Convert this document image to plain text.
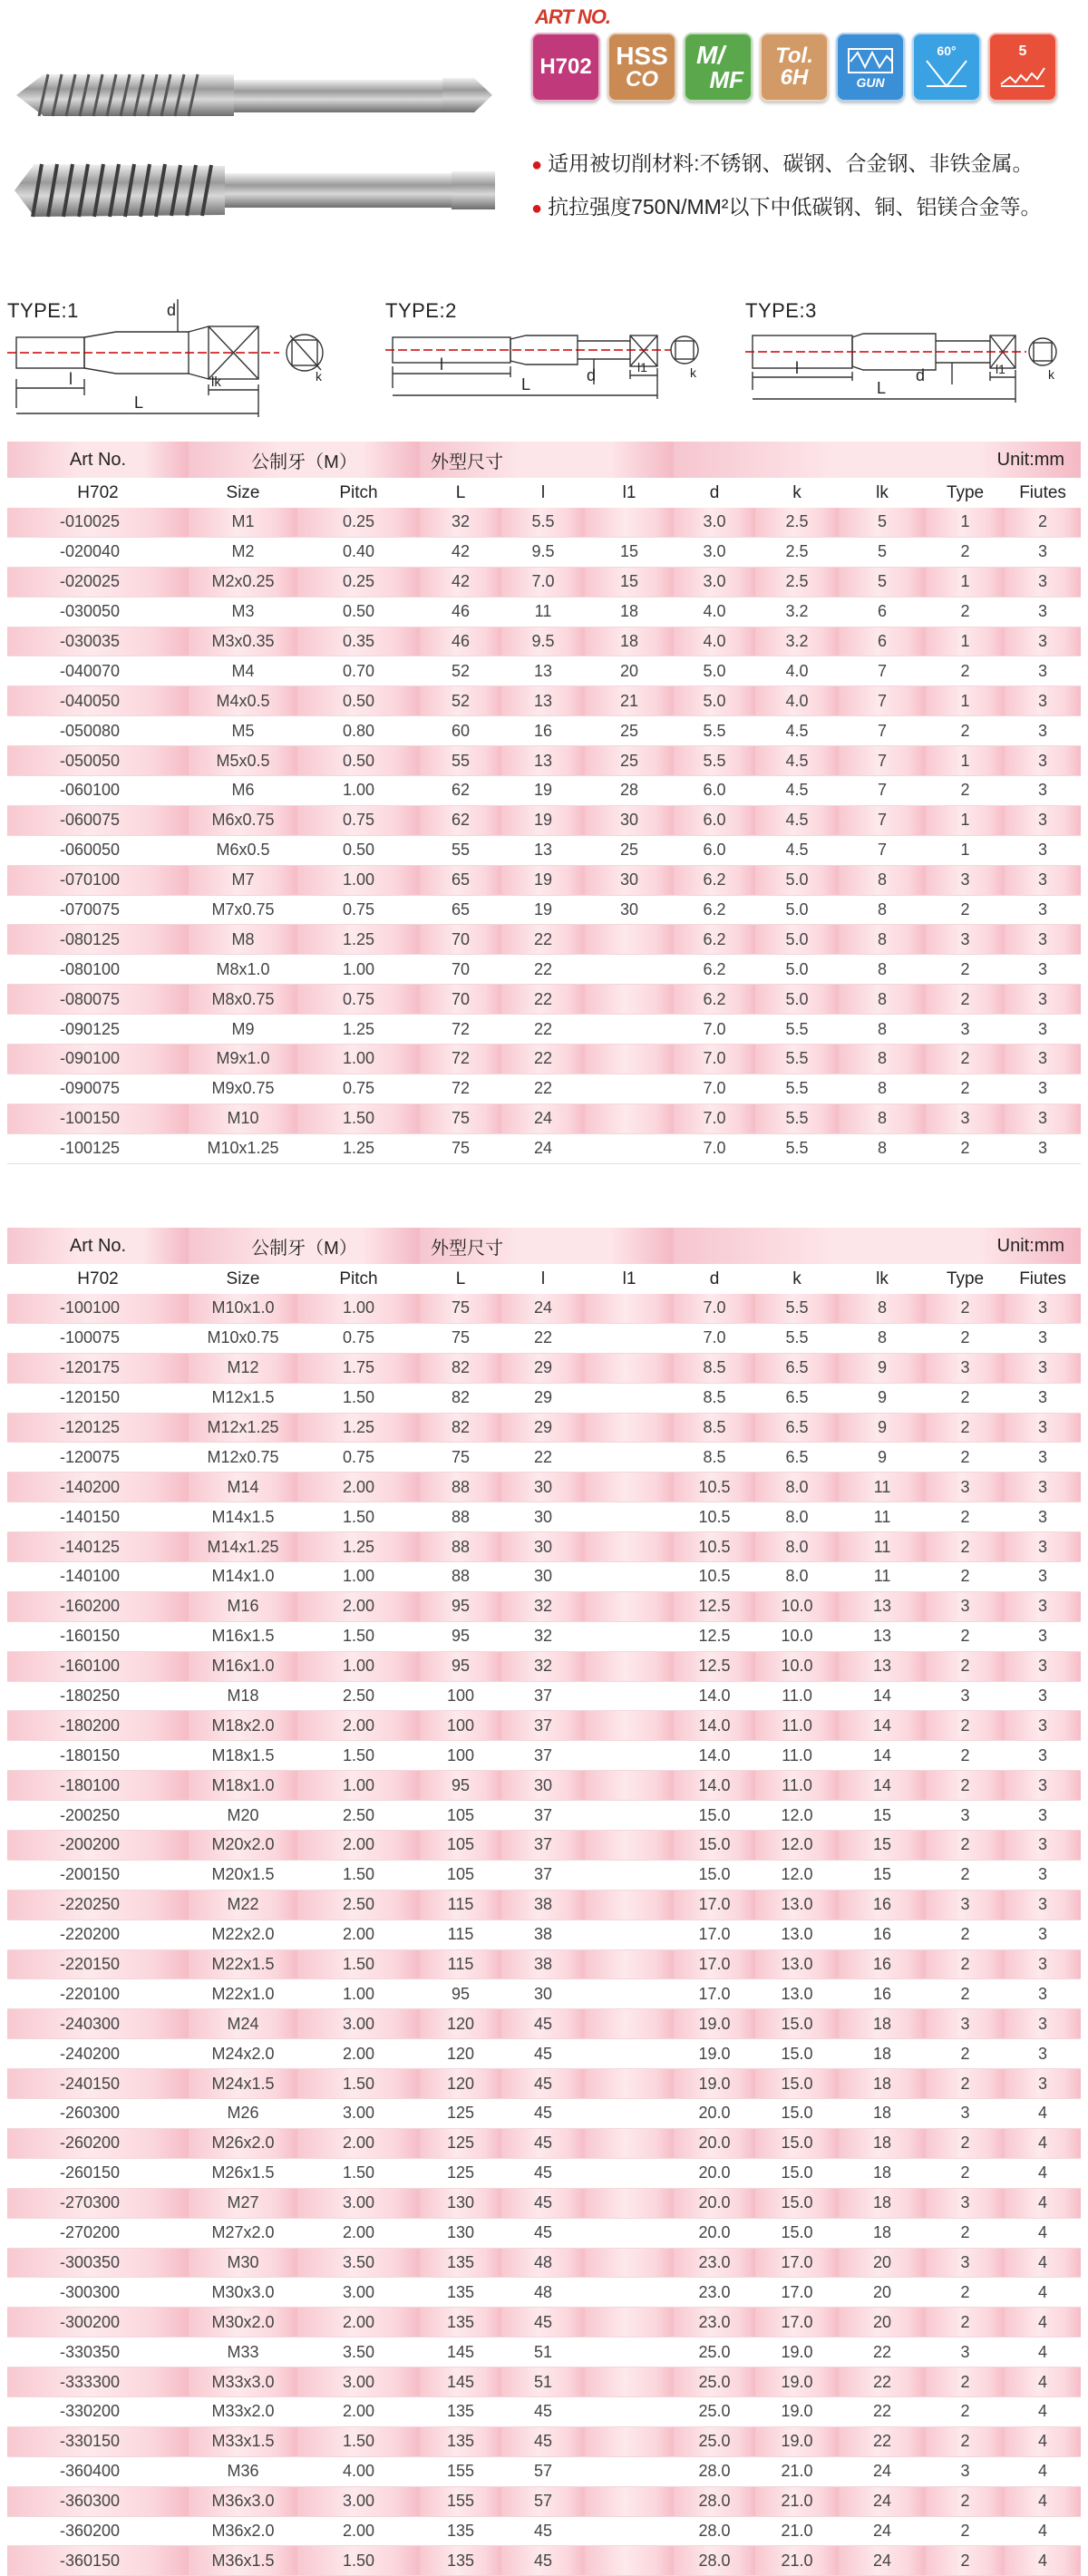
ART NO.
H702 HSS
CO
M/
MF
Tol.
6H	GUN
60°	5
● 适用被切削材料:不锈钢、碳钢、合金钢、非铁金属。
● 抗拉强度750N/MM²以下中低碳钢、铜、铝镁合金等。
TYPE:1	TYPE:2	TYPE:3
d
l	lk
L
k
l
d	l1
L
k	l	d	l1
L
k
Art No.	公制牙（M）		外型尺寸			Unit:mm				
H702	Size	Pitch	L	l	l1	d	k	lk	Type	Fiutes
-010025	M1	0.25	32	5.5		3.0	2.5	5	1	2
-020040	M2	0.40	42	9.5	15	3.0	2.5	5	2	3
-020025	M2x0.25	0.25	42	7.0	15	3.0	2.5	5	1	3
-030050	M3	0.50	46	11	18	4.0	3.2	6	2	3
-030035	M3x0.35	0.35	46	9.5	18	4.0	3.2	6	1	3
-040070	M4	0.70	52	13	20	5.0	4.0	7	2	3
-040050	M4x0.5	0.50	52	13	21	5.0	4.0	7	1	3
-050080	M5	0.80	60	16	25	5.5	4.5	7	2	3
-050050	M5x0.5	0.50	55	13	25	5.5	4.5	7	1	3
-060100	M6	1.00	62	19	28	6.0	4.5	7	2	3
-060075	M6x0.75	0.75	62	19	30	6.0	4.5	7	1	3
-060050	M6x0.5	0.50	55	13	25	6.0	4.5	7	1	3
-070100	M7	1.00	65	19	30	6.2	5.0	8	3	3
-070075	M7x0.75	0.75	65	19	30	6.2	5.0	8	2	3
-080125	M8	1.25	70	22		6.2	5.0	8	3	3
-080100	M8x1.0	1.00	70	22		6.2	5.0	8	2	3
-080075	M8x0.75	0.75	70	22		6.2	5.0	8	2	3
-090125	M9	1.25	72	22		7.0	5.5	8	3	3
-090100	M9x1.0	1.00	72	22		7.0	5.5	8	2	3
-090075	M9x0.75	0.75	72	22		7.0	5.5	8	2	3
-100150	M10	1.50	75	24		7.0	5.5	8	3	3
-100125	M10x1.25	1.25	75	24		7.0	5.5	8	2	3
Art No.	公制牙（M）		外型尺寸			Unit:mm				
H702	Size	Pitch	L	l	l1	d	k	lk	Type	Fiutes
-100100	M10x1.0	1.00	75	24		7.0	5.5	8	2	3
-100075	M10x0.75	0.75	75	22		7.0	5.5	8	2	3
-120175	M12	1.75	82	29		8.5	6.5	9	3	3
-120150	M12x1.5	1.50	82	29		8.5	6.5	9	2	3
-120125	M12x1.25	1.25	82	29		8.5	6.5	9	2	3
-120075	M12x0.75	0.75	75	22		8.5	6.5	9	2	3
-140200	M14	2.00	88	30		10.5	8.0	11	3	3
-140150	M14x1.5	1.50	88	30		10.5	8.0	11	2	3
-140125	M14x1.25	1.25	88	30		10.5	8.0	11	2	3
-140100	M14x1.0	1.00	88	30		10.5	8.0	11	2	3
-160200	M16	2.00	95	32		12.5	10.0	13	3	3
-160150	M16x1.5	1.50	95	32		12.5	10.0	13	2	3
-160100	M16x1.0	1.00	95	32		12.5	10.0	13	2	3
-180250	M18	2.50	100	37		14.0	11.0	14	3	3
-180200	M18x2.0	2.00	100	37		14.0	11.0	14	2	3
-180150	M18x1.5	1.50	100	37		14.0	11.0	14	2	3
-180100	M18x1.0	1.00	95	30		14.0	11.0	14	2	3
-200250	M20	2.50	105	37		15.0	12.0	15	3	3
-200200	M20x2.0	2.00	105	37		15.0	12.0	15	2	3
-200150	M20x1.5	1.50	105	37		15.0	12.0	15	2	3
-220250	M22	2.50	115	38		17.0	13.0	16	3	3
-220200	M22x2.0	2.00	115	38		17.0	13.0	16	2	3
-220150	M22x1.5	1.50	115	38		17.0	13.0	16	2	3
-220100	M22x1.0	1.00	95	30		17.0	13.0	16	2	3
-240300	M24	3.00	120	45		19.0	15.0	18	3	3
-240200	M24x2.0	2.00	120	45		19.0	15.0	18	2	3
-240150	M24x1.5	1.50	120	45		19.0	15.0	18	2	3
-260300	M26	3.00	125	45		20.0	15.0	18	3	4
-260200	M26x2.0	2.00	125	45		20.0	15.0	18	2	4
-260150	M26x1.5	1.50	125	45		20.0	15.0	18	2	4
-270300	M27	3.00	130	45		20.0	15.0	18	3	4
-270200	M27x2.0	2.00	130	45		20.0	15.0	18	2	4
-300350	M30	3.50	135	48		23.0	17.0	20	3	4
-300300	M30x3.0	3.00	135	48		23.0	17.0	20	2	4
-300200	M30x2.0	2.00	135	45		23.0	17.0	20	2	4
-330350	M33	3.50	145	51		25.0	19.0	22	3	4
-333300	M33x3.0	3.00	145	51		25.0	19.0	22	2	4
-330200	M33x2.0	2.00	135	45		25.0	19.0	22	2	4
-330150	M33x1.5	1.50	135	45		25.0	19.0	22	2	4
-360400	M36	4.00	155	57		28.0	21.0	24	3	4
-360300	M36x3.0	3.00	155	57		28.0	21.0	24	2	4
-360200	M36x2.0	2.00	135	45		28.0	21.0	24	2	4
-360150	M36x1.5	1.50	135	45		28.0	21.0	24	2	4
